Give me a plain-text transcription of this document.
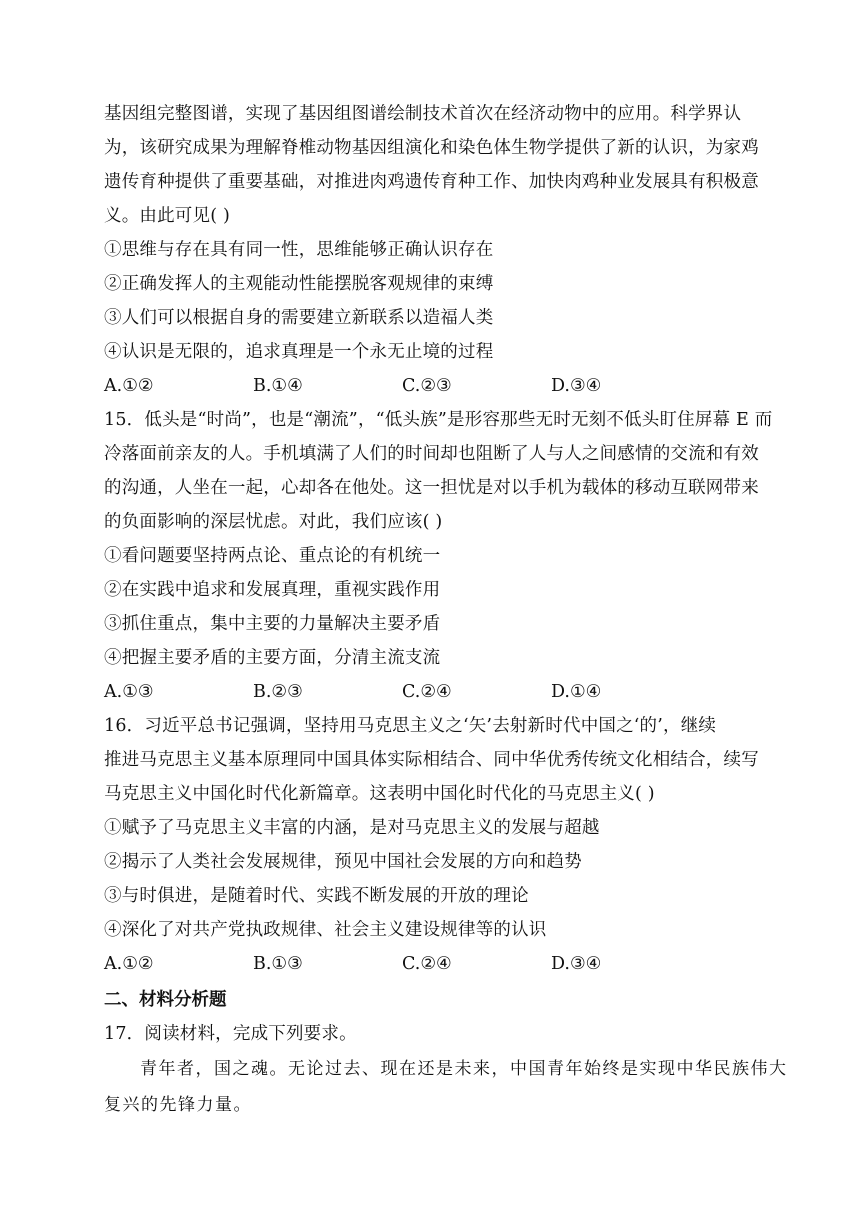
基因组完整图谱，实现了基因组图谱绘制技术首次在经济动物中的应用。科学界认
为，该研究成果为理解脊椎动物基因组演化和染色体生物学提供了新的认识，为家鸡
遗传育种提供了重要基础，对推进肉鸡遗传育种工作、加快肉鸡种业发展具有积极意
义。由此可见( )
①思维与存在具有同一性，思维能够正确认识存在
②正确发挥人的主观能动性能摆脱客观规律的束缚
③人们可以根据自身的需要建立新联系以造福人类
④认识是无限的，追求真理是一个永无止境的过程
A.①②	B.①④	C.②③	D.③④
15．低头是“时尚”，也是“潮流”，“低头族”是形容那些无时无刻不低头盯住屏幕 E 而
冷落面前亲友的人。手机填满了人们的时间却也阻断了人与人之间感情的交流和有效
的沟通，人坐在一起，心却各在他处。这一担忧是对以手机为载体的移动互联网带来
的负面影响的深层忧虑。对此，我们应该( )
①看问题要坚持两点论、重点论的有机统一
②在实践中追求和发展真理，重视实践作用
③抓住重点，集中主要的力量解决主要矛盾
④把握主要矛盾的主要方面，分清主流支流
A.①③	B.②③	C.②④	D.①④
16．习近平总书记强调，坚持用马克思主义之‘矢’去射新时代中国之‘的’，继续
推进马克思主义基本原理同中国具体实际相结合、同中华优秀传统文化相结合，续写
马克思主义中国化时代化新篇章。这表明中国化时代化的马克思主义( )
①赋予了马克思主义丰富的内涵，是对马克思主义的发展与超越
②揭示了人类社会发展规律，预见中国社会发展的方向和趋势
③与时俱进，是随着时代、实践不断发展的开放的理论
④深化了对共产党执政规律、社会主义建设规律等的认识
A.①②	B.①③	C.②④	D.③④
二、材料分析题
17．阅读材料，完成下列要求。
青年者，国之魂。无论过去、现在还是未来，中国青年始终是实现中华民族伟大
复兴的先锋力量。
